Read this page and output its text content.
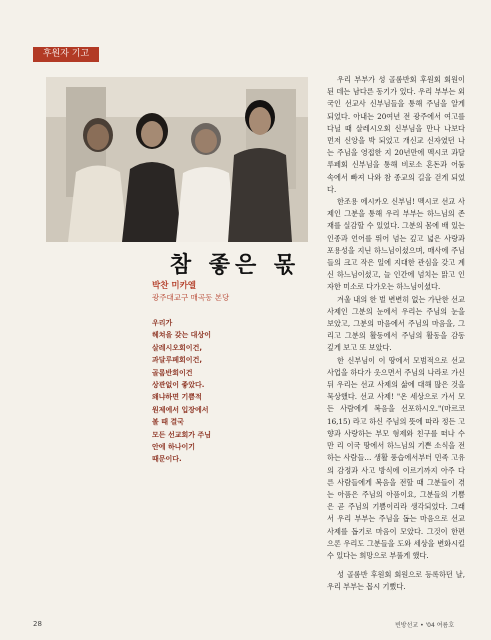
후원자 기고
참 좋은 몫
박찬 미카엘
광주대교구 매곡동 본당
우리가
헤쳐을 갖는 대상이
살레시오회이건,
과달루페회이건,
골롬반회이건
상관없이 좋았다.
왜냐하면 기쁨적
원제에서 입장에서
볼 때 결국
모든 선교회가 주님
안에 하나이기
때문이다.

우리 부부가 성 골롬반회 후원회 회원이 된 데는 남다른 동기가 있다. 우리 부부는 외국인 선교사 신부님들을 통해 주님을 알게 되었다. 아내는 20여년 전 광주에서 여고를 다닐 때 살레시오회 신부님을 만나 나보다 먼저 신앙을 박 되었고 개신교 신자였던 나는 주님을 영접한 지 20년만에 멕시코 과달루페회 신부님을 통해 비로소 혼돈과 어둠 속에서 빠져 나와 참 종교의 길을 걷게 되었다.

한조용 에시카오 신부님! 멕시코 선교 사제인 그분을 통해 우리 부부는 하느님의 존재를 실감할 수 있었다. 그분의 몸에 배 있는 인종과 언어를 뛰어 넘는 깊고 넓은 사랑과 포용성을 지닌 하느님이셨으며, 매사에 주님들의 크고 작은 일에 지대한 관심을 갖고 계신 하느님이셨고, 늘 인간에 넘치는 맑고 인자한 미소로 다가오는 하느님이셨다.

겨울 내의 한 벌 변변히 없는 가난한 선교 사제인 그분의 눈에서 우리는 주님의 눈을 보았고, 그분의 마음에서 주님의 마음을, 그리고 그분의 활동에서 주님의 활동을 감동 깊게 보고 또 보았다.

한 신부님이 이 땅에서 모범적으로 선교 사업을 하다가 옷으면서 주님의 나라로 가신 뒤 우리는 선교 사제의 삶에 대해 많은 것을 묵상했다. 선교 사제! "온 세상으로 가서 모든 사람에게 복음을 선포하시오."(마르코 16,15) 라고 하신 주님의 뜻에 따라 정든 고향과 사랑하는 부모 형제와 친구를 떠나 수만 리 이국 땅에서 하느님의 기쁜 소식을 전하는 사람들… 생활 풍습에서부터 민족 고유의 감정과 사고 방식에 이르기까지 아주 다른 사람들에게 복음을 전할 때 그분들이 겪는 아픔은 주님의 아픔이요, 그분들의 기쁨은 곧 주님의 기쁨이리라 생각되었다. 그래서 우리 부부는 주님을 돕는 마음으로 선교 사제를 돕기로 마음이 모았다. 그것이 한편으론 우리도 그분들을 도와 세상을 변화시킬 수 있다는 희망으로 부풀게 했다.

성 골롬반 후원회 회원으로 등록하던 날, 우리 부부는 몹시 기뻤다.

28	빈방선교 • '04 여름호
